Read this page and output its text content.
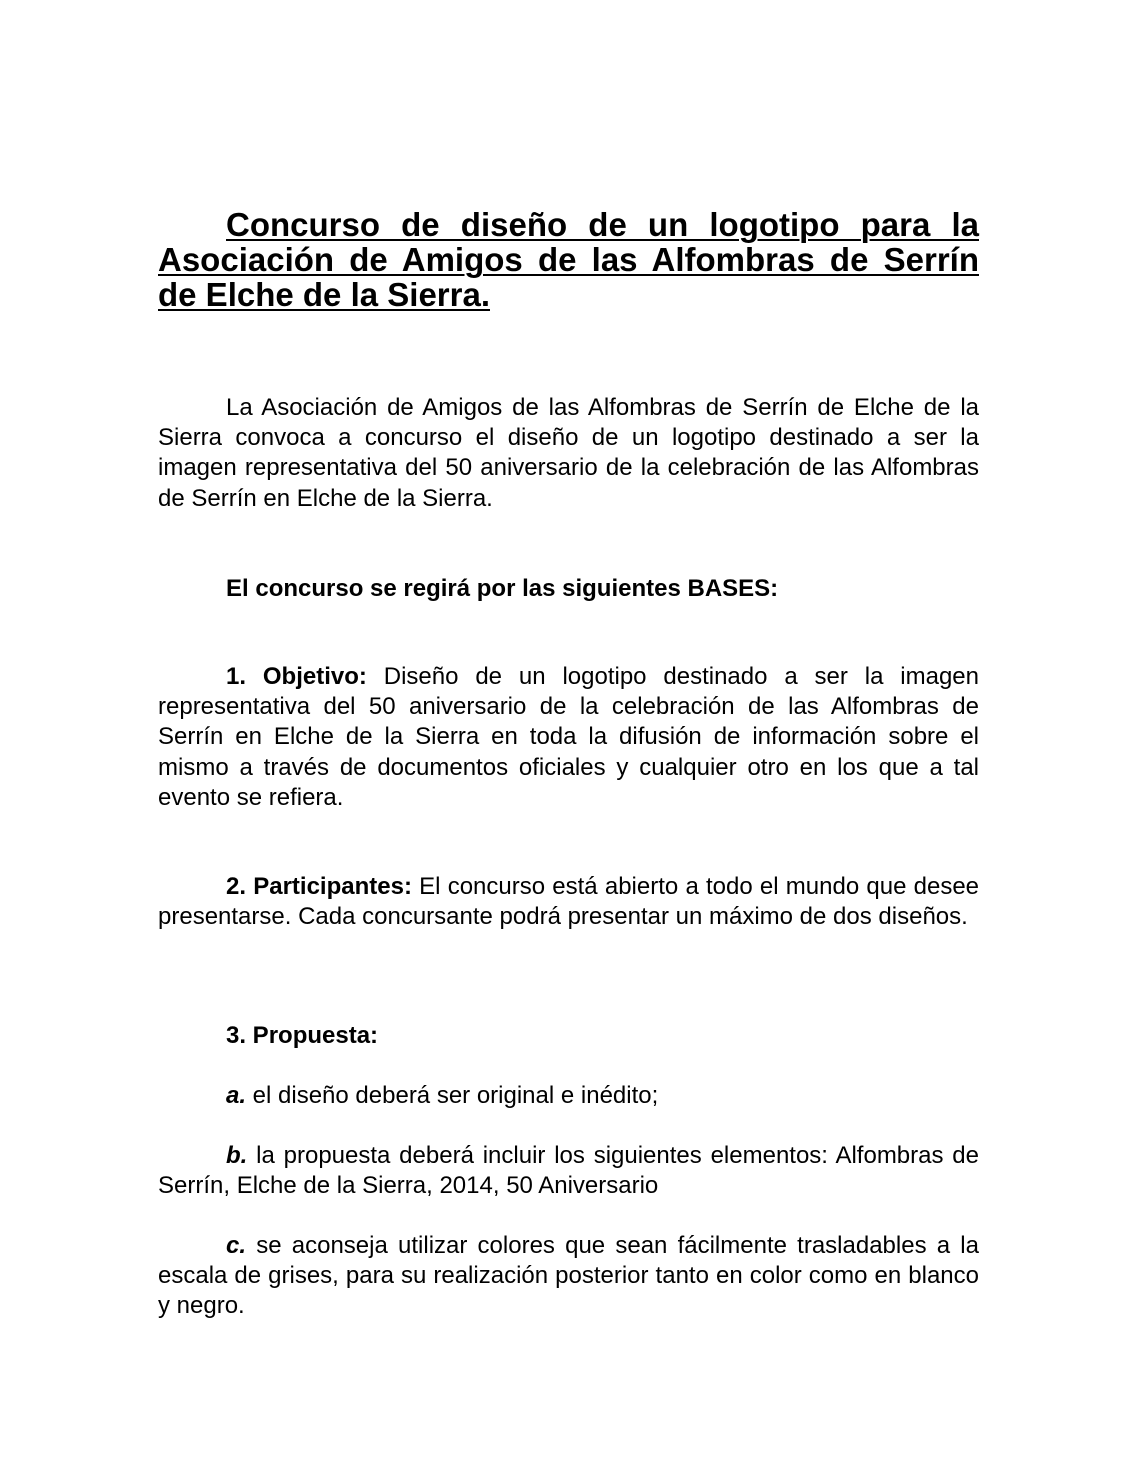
Concurso de diseño de un logotipo para la Asociación de Amigos de las Alfombras de Serrín de Elche de la Sierra.

La Asociación de Amigos de las Alfombras de Serrín de Elche de la Sierra convoca a concurso el diseño de un logotipo destinado a ser la imagen representativa del 50 aniversario de la celebración de las Alfombras de Serrín en Elche de la Sierra.

El concurso se regirá por las siguientes BASES:

1. Objetivo: Diseño de un logotipo destinado a ser la imagen representativa del 50 aniversario de la celebración de las Alfombras de Serrín en Elche de la Sierra en toda la difusión de información sobre el mismo a través de documentos oficiales y cualquier otro en los que a tal evento se refiera.

2. Participantes: El concurso está abierto a todo el mundo que desee presentarse. Cada concursante podrá presentar un máximo de dos diseños.

3. Propuesta:

a. el diseño deberá ser original e inédito;

b. la propuesta deberá incluir los siguientes elementos: Alfombras de Serrín, Elche de la Sierra, 2014, 50 Aniversario

c. se aconseja utilizar colores que sean fácilmente trasladables a la escala de grises, para su realización posterior tanto en color como en blanco y negro.
